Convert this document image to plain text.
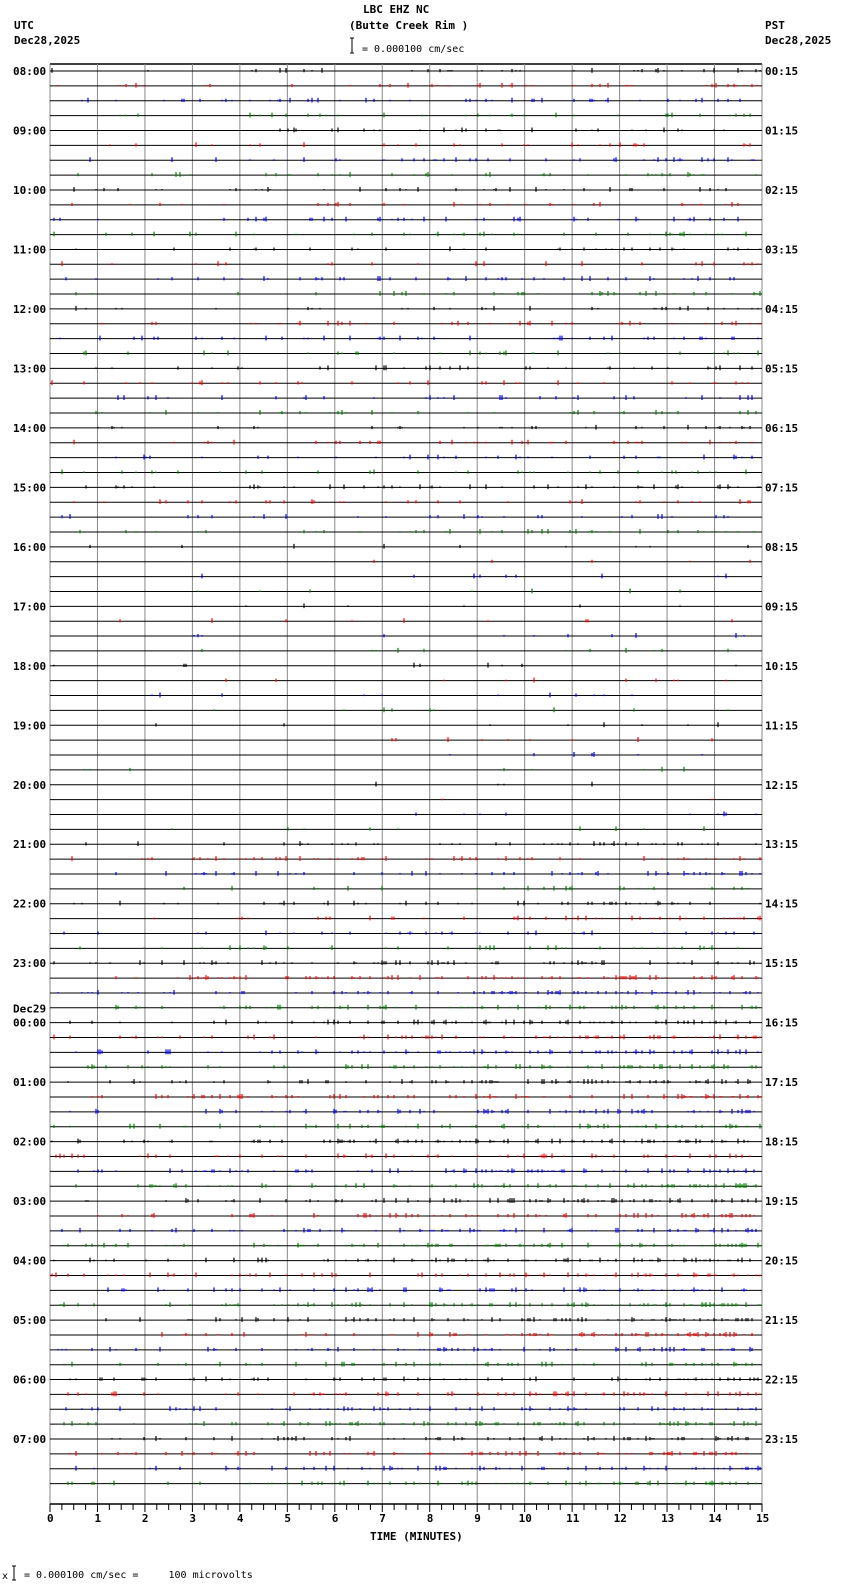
LBC EHZ NC
(Butte Creek Rim )
= 0.000100 cm/sec
UTC
Dec28,2025
PST
Dec28,2025
08:00
09:00
10:00
11:00
12:00
13:00
14:00
15:00
16:00
17:00
18:00
19:00
20:00
21:00
22:00
23:00
00:00
Dec29
01:00
02:00
03:00
04:00
05:00
06:00
07:00
00:15
01:15
02:15
03:15
04:15
05:15
06:15
07:15
08:15
09:15
10:15
11:15
12:15
13:15
14:15
15:15
16:15
17:15
18:15
19:15
20:15
21:15
22:15
23:15
0	1	2	3	4	5	6	7	8	9	10	11	12	13	14	15
TIME (MINUTES)
x = 0.000100 cm/sec =     100 microvolts
